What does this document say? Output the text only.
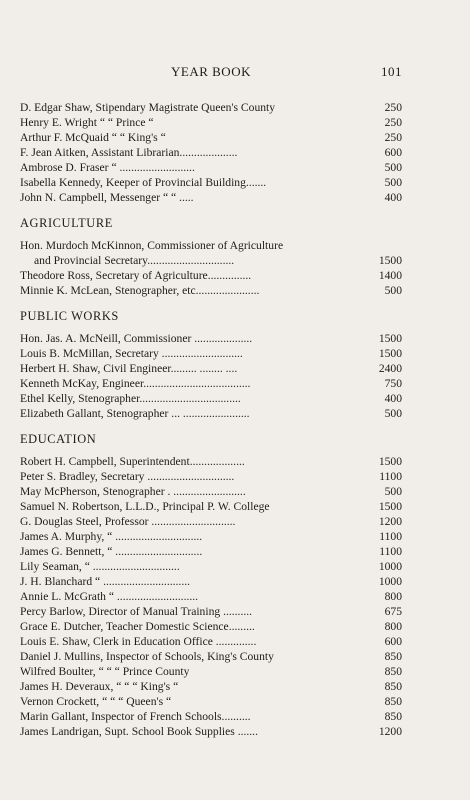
YEAR BOOK	101
D. Edgar Shaw, Stipendary Magistrate Queen's County	250
Henry E. Wright “ “ Prince “	250
Arthur F. McQuaid “ “ King's “	250
F. Jean Aitken, Assistant Librarian....................	600
Ambrose D. Fraser “ ..........................	500
Isabella Kennedy, Keeper of Provincial Building.......	500
John N. Campbell, Messenger “ “ .....	400
AGRICULTURE
Hon. Murdoch McKinnon, Commissioner of Agriculture
and Provincial Secretary..............................	1500
Theodore Ross, Secretary of Agriculture...............	1400
Minnie K. McLean, Stenographer, etc......................	500
PUBLIC WORKS
Hon. Jas. A. McNeill, Commissioner ....................	1500
Louis B. McMillan, Secretary ............................	1500
Herbert H. Shaw, Civil Engineer......... ........ ....	2400
Kenneth McKay, Engineer.....................................	750
Ethel Kelly, Stenographer...................................	400
Elizabeth Gallant, Stenographer ... .......................	500
EDUCATION
Robert H. Campbell, Superintendent...................	1500
Peter S. Bradley, Secretary ..............................	1100
May McPherson, Stenographer . .........................	500
Samuel N. Robertson, L.L.D., Principal P. W. College	1500
G. Douglas Steel, Professor .............................	1200
James A. Murphy, “ ..............................	1100
James G. Bennett, “ ..............................	1100
Lily Seaman, “ ..............................	1000
J. H. Blanchard “ ..............................	1000
Annie L. McGrath “ ............................	800
Percy Barlow, Director of Manual Training ..........	675
Grace E. Dutcher, Teacher Domestic Science.........	800
Louis E. Shaw, Clerk in Education Office ..............	600
Daniel J. Mullins, Inspector of Schools, King's County	850
Wilfred Boulter, “ “ “ Prince County	850
James H. Deveraux, “ “ “ King's “	850
Vernon Crockett, “ “ “ Queen's “	850
Marin Gallant, Inspector of French Schools..........	850
James Landrigan, Supt. School Book Supplies .......	1200
